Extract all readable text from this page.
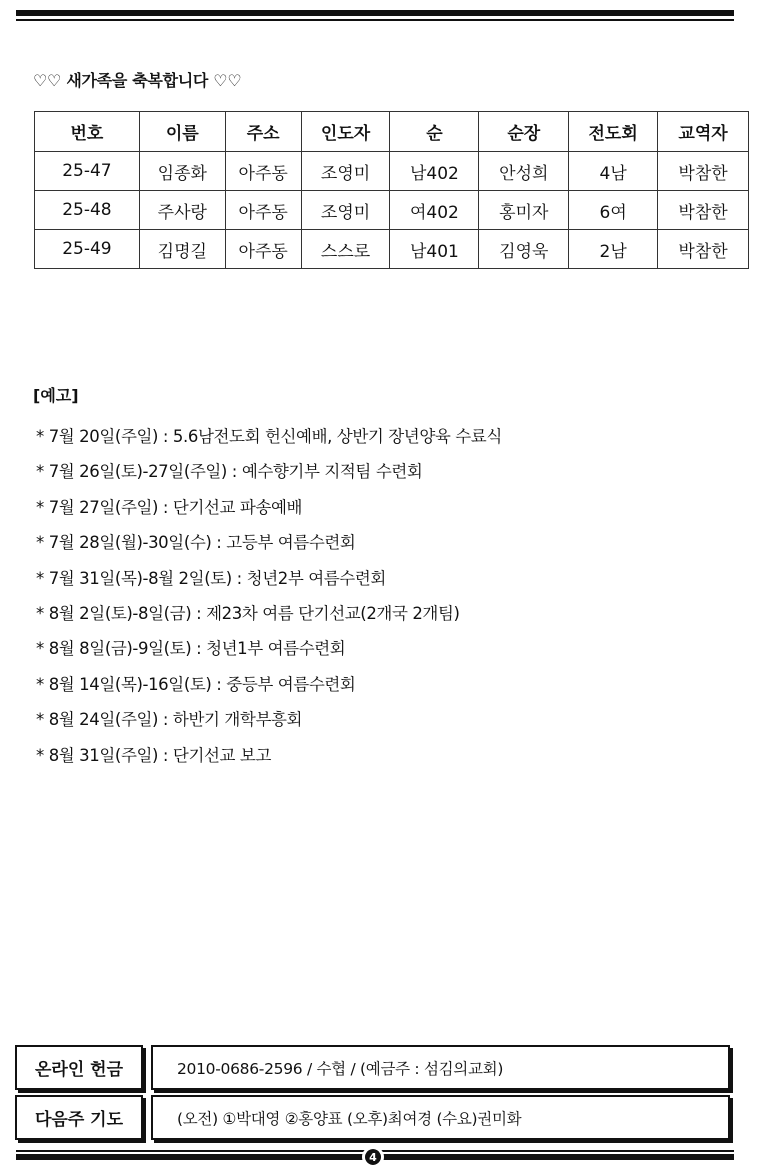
♡♡ 새가족을 축복합니다 ♡♡
번호	이름	주소	인도자	순	순장	전도회	교역자
25-47	임종화	아주동	조영미	남402	안성희	4남	박참한
25-48	주사랑	아주동	조영미	여402	홍미자	6여	박참한
25-49	김명길	아주동	스스로	남401	김영욱	2남	박참한
[예고]
* 7월 20일(주일) : 5.6남전도회 헌신예배, 상반기 장년양육 수료식
* 7월 26일(토)-27일(주일) : 예수향기부 지적팀 수련회
* 7월 27일(주일) : 단기선교 파송예배
* 7월 28일(월)-30일(수) : 고등부 여름수련회
* 7월 31일(목)-8월 2일(토) : 청년2부 여름수련회
* 8월 2일(토)-8일(금) : 제23차 여름 단기선교(2개국 2개팀)
* 8월 8일(금)-9일(토) : 청년1부 여름수련회
* 8월 14일(목)-16일(토) : 중등부 여름수련회
* 8월 24일(주일) : 하반기 개학부흥회
* 8월 31일(주일) : 단기선교 보고
온라인 헌금	2010-0686-2596 / 수협 / (예금주 : 섬김의교회)
다음주 기도	(오전) ①박대영 ②홍양표 (오후)최여경 (수요)권미화
4
